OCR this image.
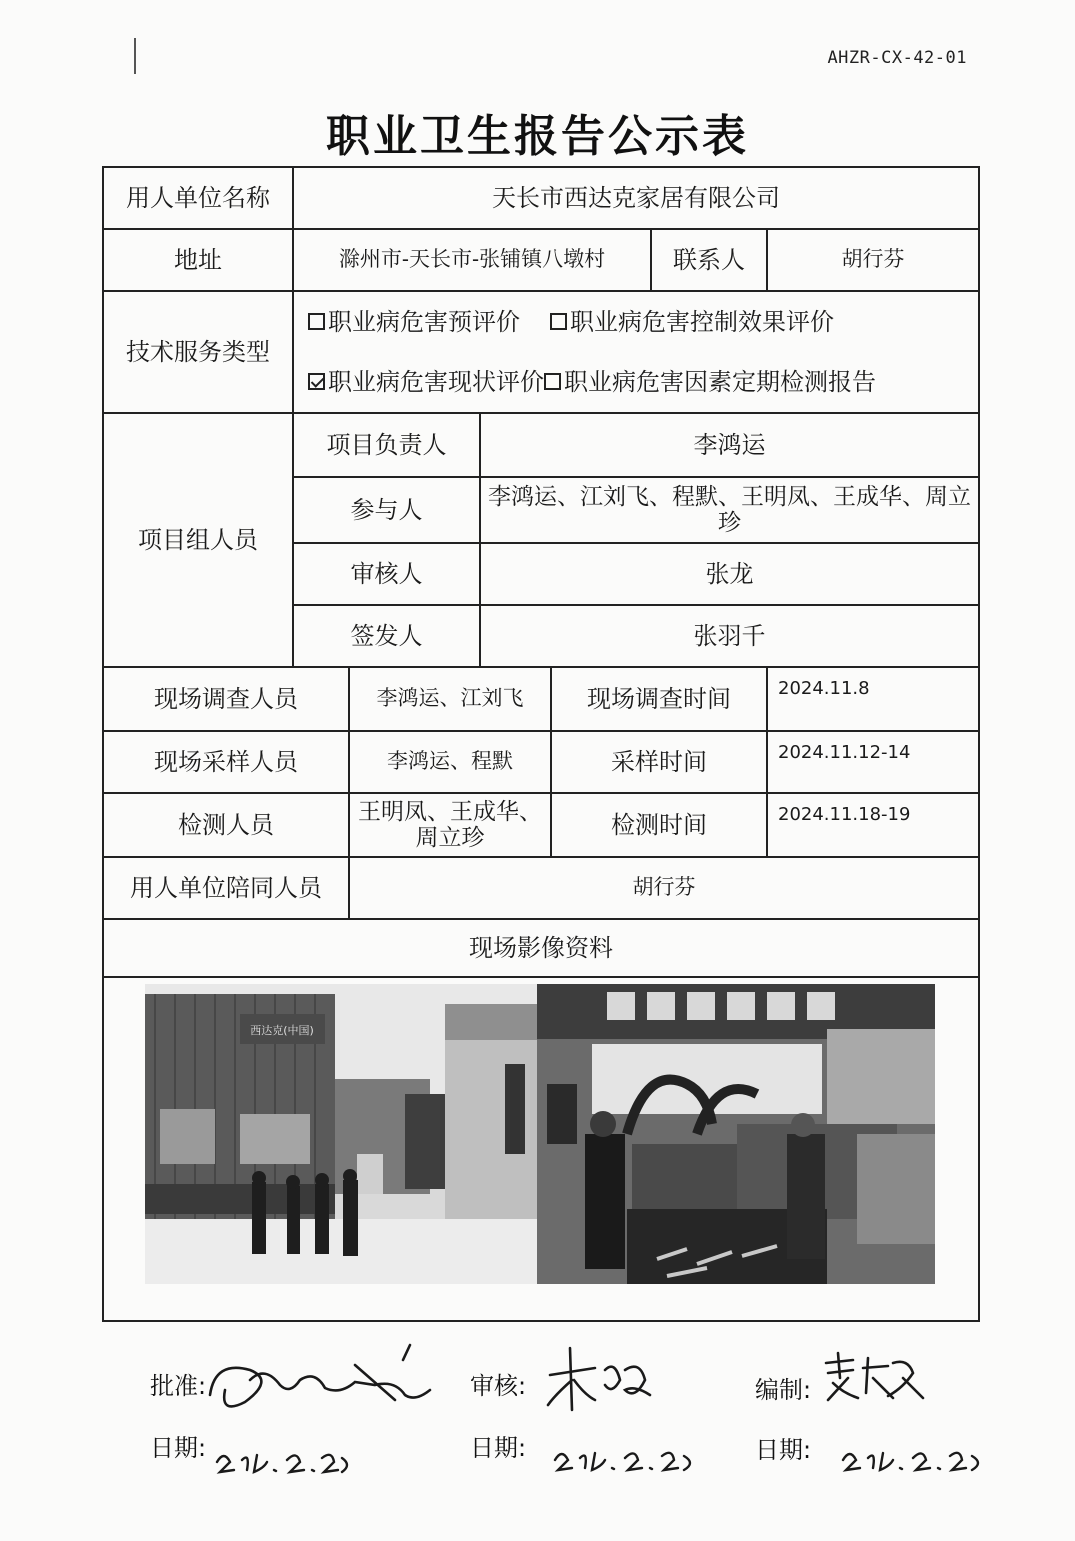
AHZR-CX-42-01
职业卫生报告公示表
用人单位名称	天长市西达克家居有限公司					
地址	滁州市-天长市-张铺镇八墩村				联系人	胡行芬
技术服务类型	职业病危害预评价 职业病危害控制效果评价
职业病危害现状评价 职业病危害因素定期检测报告					

项目组人员	项目负责人		李鸿运			
	参与人		李鸿运、江刘飞、程默、王明凤、王成华、周立珍			
	审核人		张龙			
	签发人		张羽千			
现场调查人员		李鸿运、江刘飞		现场调查时间		2024.11.8
现场采样人员		李鸿运、程默		采样时间		2024.11.12-14
检测人员		王明凤、王成华、周立珍		检测时间		2024.11.18-19
用人单位陪同人员		胡行芬				
现场影像资料						

西达克(中国)						
批准:
日期:
审核:
日期:
编制:
日期:
